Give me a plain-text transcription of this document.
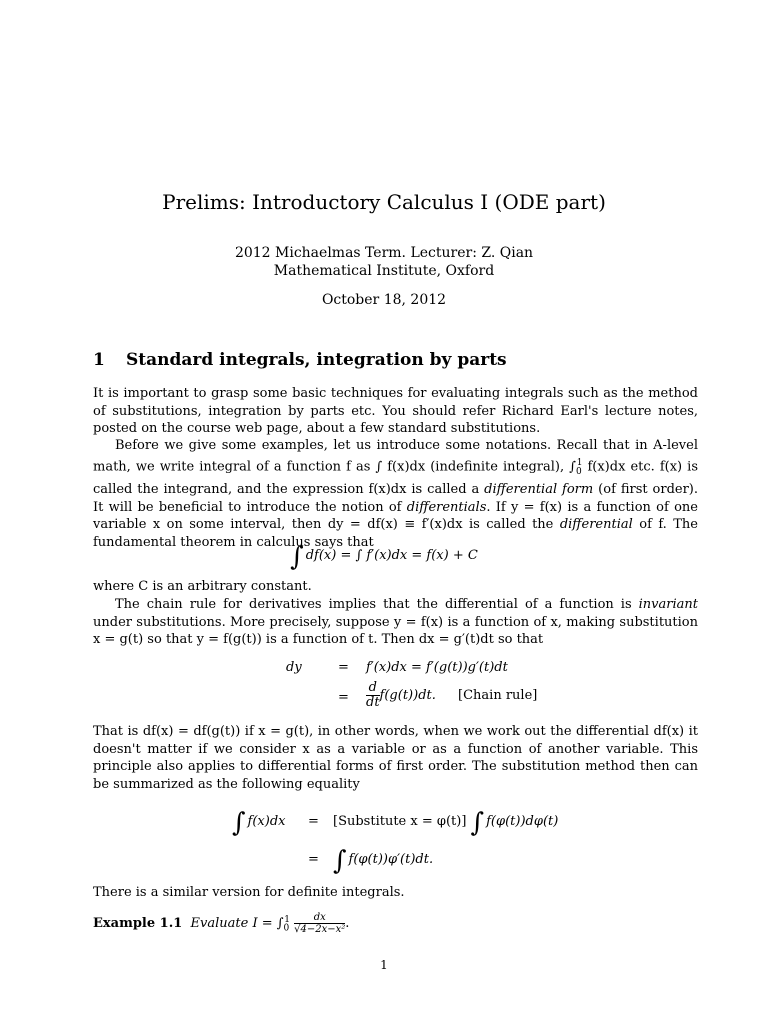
Prelims: Introductory Calculus I (ODE part)
2012 Michaelmas Term. Lecturer: Z. Qian
Mathematical Institute, Oxford
October 18, 2012
1 Standard integrals, integration by parts
It is important to grasp some basic techniques for evaluating integrals such as the method of substitutions, integration by parts etc. You should refer Richard Earl's lecture notes, posted on the course web page, about a few standard substitutions.
Before we give some examples, let us introduce some notations. Recall that in A-level math, we write integral of a function f as ∫ f(x)dx (indefinite integral), $\int_0^1$ f(x)dx etc. f(x) is called the integrand, and the expression f(x)dx is called a differential form (of first order). It will be beneficial to introduce the notion of differentials. If y = f(x) is a function of one variable x on some interval, then dy = df(x) ≡ f′(x)dx is called the differential of f. The fundamental theorem in calculus says that
∫ df(x) = ∫ f′(x)dx = f(x) + C
where C is an arbitrary constant.
The chain rule for derivatives implies that the differential of a function is invariant under substitutions. More precisely, suppose y = f(x) is a function of x, making substitution x = g(t) so that y = f(g(t)) is a function of t. Then dx = g′(t)dt so that
dy	= f′(x)dx = f′(g(t))g′(t)dt
= $\frac{d}{dt} f(g(t))dt$. [Chain rule]
That is df(x) = df(g(t)) if x = g(t), in other words, when we work out the differential df(x) it doesn't matter if we consider x as a variable or as a function of another variable. This principle also applies to differential forms of first order. The substitution method then can be summarized as the following equality
∫ f(x)dx = [Substitute x = φ(t)] ∫ f(φ(t))dφ(t)
= ∫ f(φ(t))φ′(t)dt.
There is a similar version for definite integrals.
Example 1.1 Evaluate $I = \int_0^1 \frac{dx}{\text{√4−2x−x²}}$ .
1
